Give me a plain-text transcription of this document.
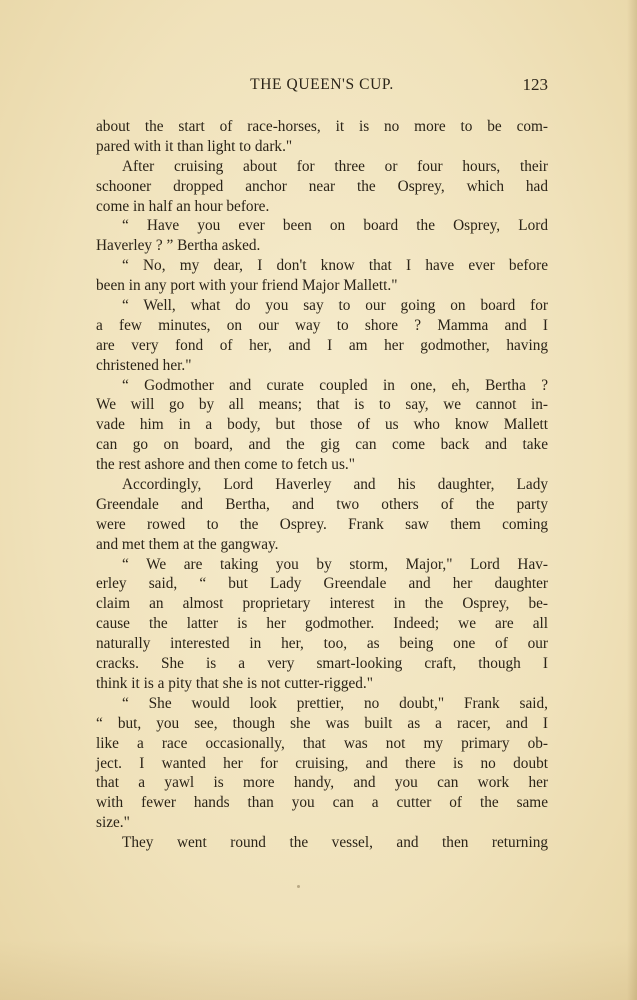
THE QUEEN'S CUP.	123
about the start of race-horses, it is no more to be com-
pared with it than light to dark."
After cruising about for three or four hours, their
schooner dropped anchor near the Osprey, which had
come in half an hour before.
“ Have you ever been on board the Osprey, Lord
Haverley ? ” Bertha asked.
“ No, my dear, I don't know that I have ever before
been in any port with your friend Major Mallett."
“ Well, what do you say to our going on board for
a few minutes, on our way to shore ? Mamma and I
are very fond of her, and I am her godmother, having
christened her."
“ Godmother and curate coupled in one, eh, Bertha ?
We will go by all means; that is to say, we cannot in-
vade him in a body, but those of us who know Mallett
can go on board, and the gig can come back and take
the rest ashore and then come to fetch us."
Accordingly, Lord Haverley and his daughter, Lady
Greendale and Bertha, and two others of the party
were rowed to the Osprey. Frank saw them coming
and met them at the gangway.
“ We are taking you by storm, Major," Lord Hav-
erley said, “ but Lady Greendale and her daughter
claim an almost proprietary interest in the Osprey, be-
cause the latter is her godmother. Indeed; we are all
naturally interested in her, too, as being one of our
cracks. She is a very smart-looking craft, though I
think it is a pity that she is not cutter-rigged."
“ She would look prettier, no doubt," Frank said,
“ but, you see, though she was built as a racer, and I
like a race occasionally, that was not my primary ob-
ject. I wanted her for cruising, and there is no doubt
that a yawl is more handy, and you can work her
with fewer hands than you can a cutter of the same
size."
They went round the vessel, and then returning
